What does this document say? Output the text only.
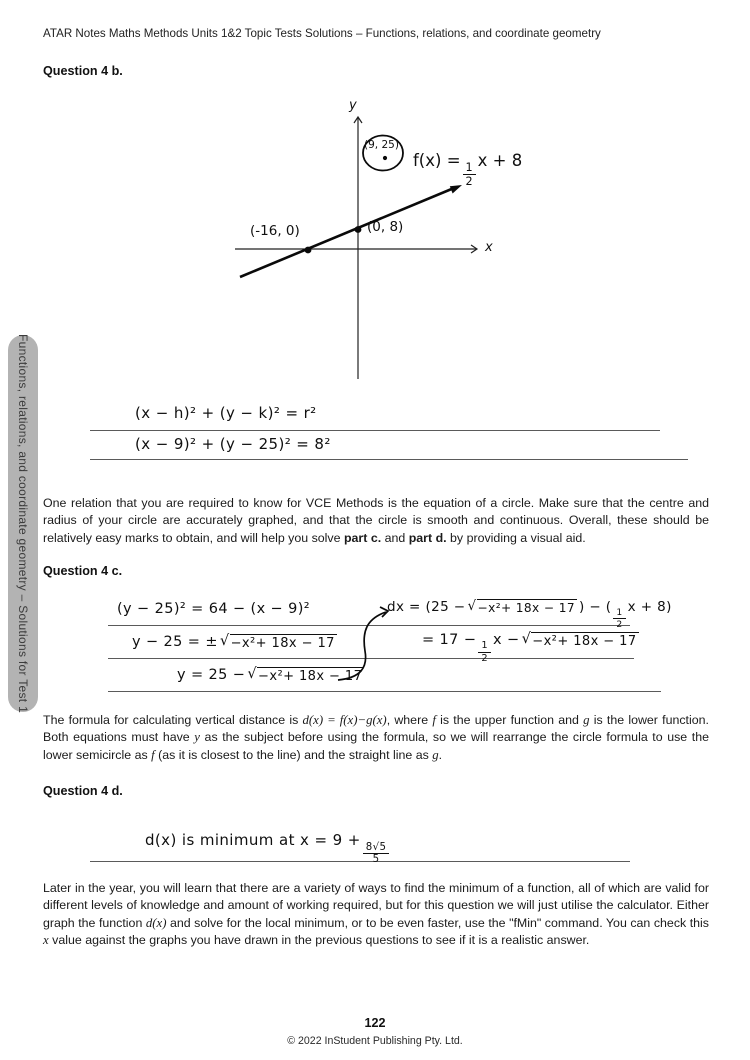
ATAR Notes Maths Methods Units 1&2 Topic Tests Solutions – Functions, relations, and coordinate geometry
Question 4 b.
y
x
(9, 25)
f(x) =
$\frac{1}{2}$
x + 8
(-16, 0)	(0, 8)
(x − h)² + (y − k)² = r²
(x − 9)² + (y − 25)² = 8²
One relation that you are required to know for VCE Methods is the equation of a circle. Make sure that the centre and radius of your circle are accurately graphed, and that the circle is smooth and continuous. Overall, these should be relatively easy marks to obtain, and will help you solve part c. and part d. by providing a visual aid.
Question 4 c.
(y − 25)² = 64 − (x − 9)²
y − 25 = ± √ −x²+ 18x − 17
y = 25 − √ −x²+ 18x − 17
dx = (25 − √ −x²+ 18x − 17 ) − (
$\frac{1}{2}$
x + 8)
= 17 −
$\frac{1}{2}$
x − √ −x²+ 18x − 17
The formula for calculating vertical distance is d(x) = f(x)−g(x), where f is the upper function and g is the lower function. Both equations must have y as the subject before using the formula, so we will rearrange the circle formula to use the lower semicircle as f (as it is closest to the line) and the straight line as g.
Question 4 d.
d(x) is minimum at x = 9 +
$\frac{8√5}{5}$
Later in the year, you will learn that there are a variety of ways to find the minimum of a function, all of which are valid for different levels of knowledge and amount of working required, but for this question we will just utilise the calculator. Either graph the function d(x) and solve for the local minimum, or to be even faster, use the "fMin" command. You can check this x value against the graphs you have drawn in the previous questions to see if it is a realistic answer.
Functions, relations, and coordinate geometry – Solutions for Test 1
122
© 2022 InStudent Publishing Pty. Ltd.
